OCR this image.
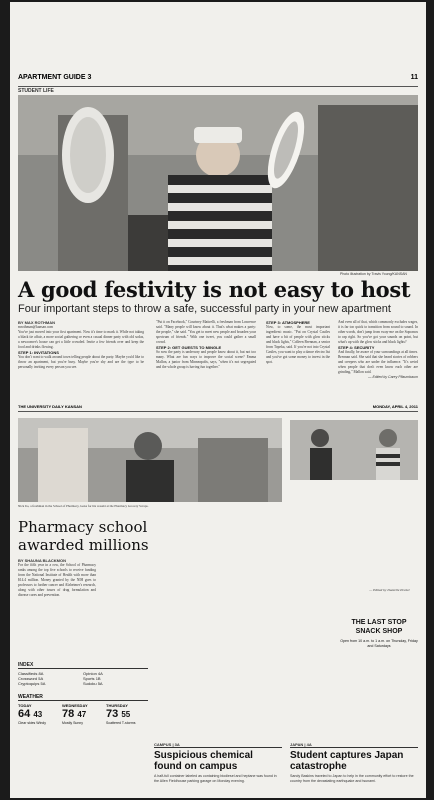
APARTMENT GUIDE 3	11
STUDENT LIFE
Photo illustration by Travis Young/KANSAN
A good festivity is not easy to host
Four important steps to throw a safe, successful party in your new apartment
BY MAX ROTHMAN
mrothman@kansan.com
You've just moved into your first apartment. Now it's time to mark it. While not taking a black tie affair, a more social gathering or even a casual dinner party with old sodas, a newcomer's house can get a little crowded. Invite a few friends over and keep the food and drinks flowing.
STEP 1: INVITATIONS
You don't want to walk around town telling people about the party. Maybe you'd like to throw an apartment, but you're busy. Maybe you're shy and are the type to be personally inviting every person you see.
"Put it on Facebook," Courtney Mattrelli, a freshman from Lawrence said. "Many people will know about it. That's what makes a party: the people," she said. "You get to meet new people and broaden your spectrum of friends." With one tweet, you could gather a small crowd.
STEP 2: GET GUESTS TO MINGLE
So now the party is underway and people know about it, but not too many. What are fun ways to improve the social scene? Emma Mallon, a junior from Minneapolis, says, "when it's not segregated and the whole group is having fun together."
STEP 3: ATMOSPHERE
Now, to some, the most important ingredient: music. "Put on Crystal Castles and have a bit of people with glow sticks and black lights," Colleen Brennan, a senior from Topeka, said. If you're not into Crystal Castles, you want to play a dance electro list and you've got some money to invest in the spot.
And even all of that, which commonly excludes wages, it is far too quick to transition from sound to sound. In other words, don't jump from sway-me on the Sopranos to rap right. So you've got your sounds on point, but what's up with the glow sticks and black lights?
STEP 4: SECURITY
And finally, be aware of your surroundings at all times. Brennan said. She said that she heard stories of robbers and creepers who are under the influence. "It's weird when people that don't even know each other are grinding," Mallon said.
— Edited by Carey Pflaumbaum
THE UNIVERSITY DAILY KANSAN	MONDAY, APRIL 4, 2011
Nick Ito, a freshman in the School of Pharmacy, looks for his wasabi at the Pharmacy Grocery Scraps.
Pharmacy school awarded millions
BY SHAUNA BLACKMON
For the fifth year in a row, the School of Pharmacy ranks among the top five schools to receive funding from the National Institute of Health with more than $14.4 million. Money granted by the NIH goes to professors to further cancer and Alzheimer's research, along with other issues of drug formulation and disease cures and prevention.
THE LAST STOP SNACK SHOP
Open from 10 a.m. to 1 a.m. on Thursday, Friday and Saturdays
— Edited by Danielle Pecker
INDEX
Classifieds 8A	Opinion 4A
Crossword 5A	Sports 1B
Cryptoquips 5A	Sudoku 5A
WEATHER
TODAY
64 43
Clear skies Windy
WEDNESDAY
78 47
Mostly Sunny
THURSDAY
73 55
Scattered T-storms
CAMPUS | 3A
Suspicious chemical found on campus
A half-full container labeled as containing biodiesel and heptane was found in the Allen Fieldhouse parking garage on Monday evening.
JAPAN | 4A
Student captures Japan catastrophe
Sandy Baskins traveled to Japan to help in the community effort to restore the country from the devastating earthquake and tsunami.
